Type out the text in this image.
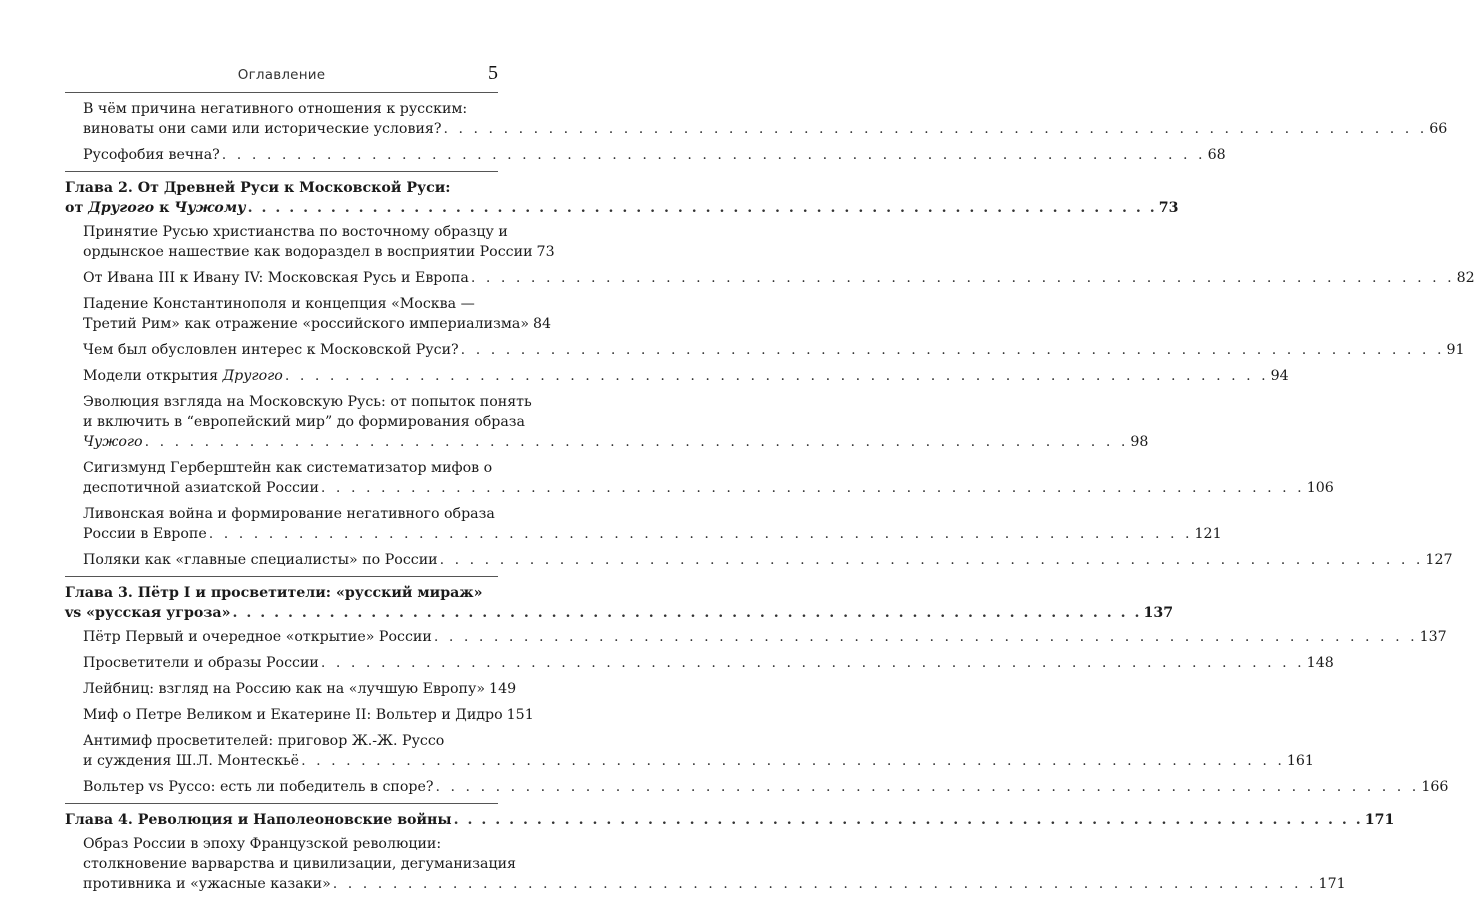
Оглавление	5
В чём причина негативного отношения к русским:
виноваты они сами или исторические условия? . . .	66
Русофобия вечна? . . .	68
Глава 2. От Древней Руси к Московской Руси:
от Другого к Чужому . . .	73
Принятие Русью христианства по восточному образцу и
ордынское нашествие как водораздел в восприятии России 73
От Ивана III к Ивану IV: Московская Русь и Европа . . .	82
Падение Константинополя и концепция «Москва —
Третий Рим» как отражение «российского империализма» 84
Чем был обусловлен интерес к Московской Руси? . . .	91
Модели открытия Другого . . .	94
Эволюция взгляда на Московскую Русь: от попыток понять
и включить в “европейский мир” до формирования образа
Чужого . . .	98
Сигизмунд Герберштейн как систематизатор мифов о
деспотичной азиатской России . . .	106
Ливонская война и формирование негативного образа
России в Европе . . .	121
Поляки как «главные специалисты» по России . . .	127
Глава 3. Пётр I и просветители: «русский мираж»
vs «русская угроза» . . .	137
Пётр Первый и очередное «открытие» России . . .	137
Просветители и образы России . . .	148
Лейбниц: взгляд на Россию как на «лучшую Европу» 149
Миф о Петре Великом и Екатерине II: Вольтер и Дидро 151
Антимиф просветителей: приговор Ж.-Ж. Руссо
и суждения Ш.Л. Монтескьё . . .	161
Вольтер vs Руссо: есть ли победитель в споре? . . .	166
Глава 4. Революция и Наполеоновские войны . . .	171
Образ России в эпоху Французской революции:
столкновение варварства и цивилизации, дегуманизация
противника и «ужасные казаки» . . .	171
